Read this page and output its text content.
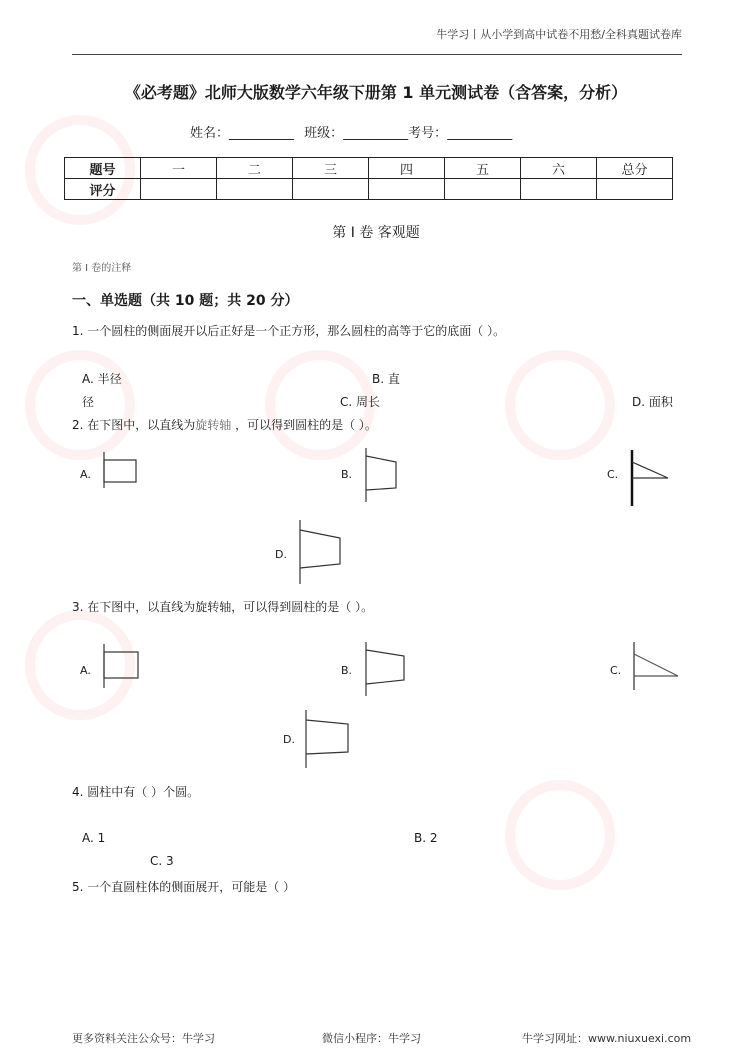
牛学习丨从小学到高中试卷不用愁/全科真题试卷库
《必考题》北师大版数学六年级下册第 1 单元测试卷（含答案，分析）
姓名：__________ 班级：__________考号：__________
题号	一	二	三	四	五	六	总分
评分							
第 Ⅰ 卷 客观题
第 Ⅰ 卷的注释
一、单选题（共 10 题；共 20 分）
1. 一个圆柱的侧面展开以后正好是一个正方形，那么圆柱的高等于它的底面（ ）。
A. 半径	B. 直
径	C. 周长	D. 面积
2. 在下图中，以直线为旋转轴 ，可以得到圆柱的是（ ）。
A.	B.	C.
D.
3. 在下图中，以直线为旋转轴，可以得到圆柱的是（ ）。
A.	B.	C.
D.
4. 圆柱中有（ ）个圆。
A. 1	B. 2
C. 3
5. 一个直圆柱体的侧面展开，可能是（ ）
更多资料关注公众号：牛学习	微信小程序：牛学习	牛学习网址：www.niuxuexi.com
